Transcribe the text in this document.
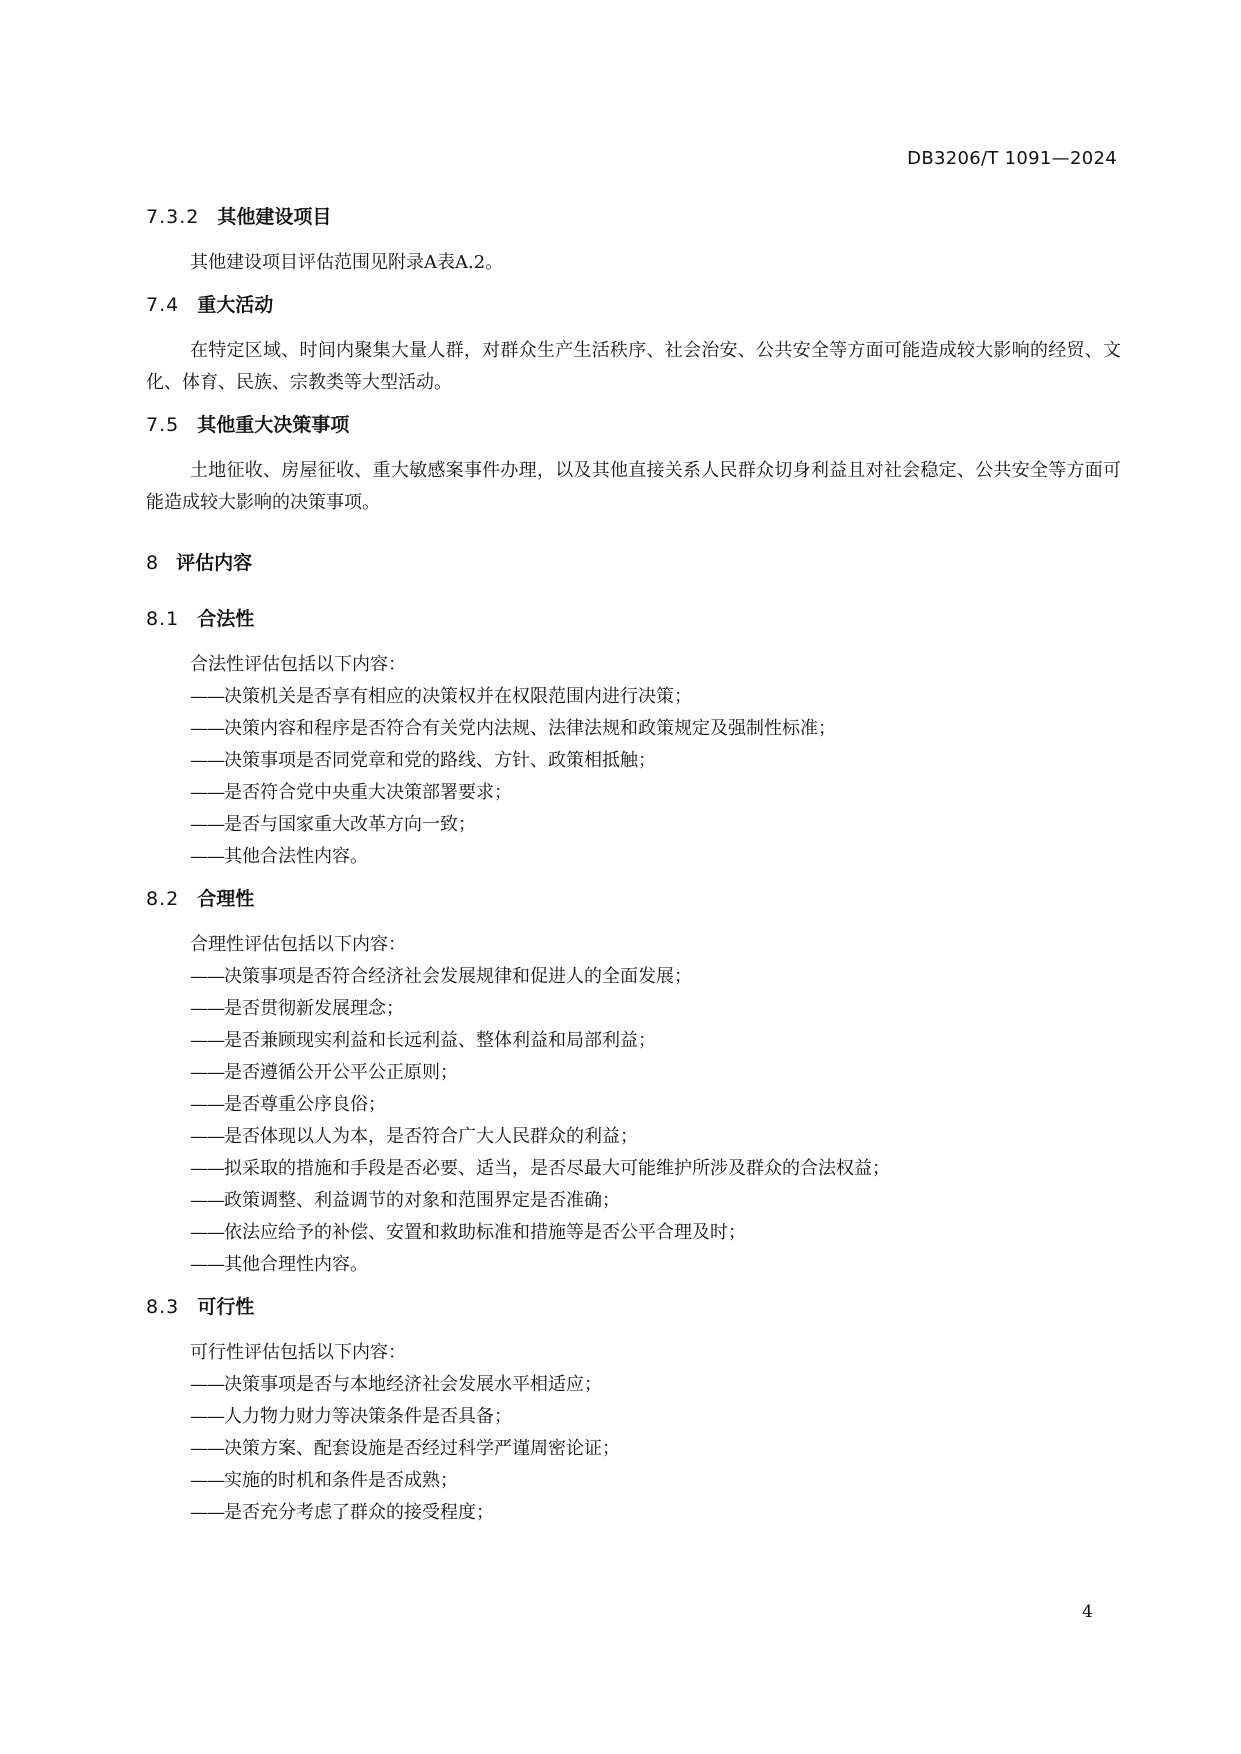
DB3206/T 1091—2024
7.3.2 其他建设项目

其他建设项目评估范围见附录A表A.2。

7.4 重大活动

在特定区域、时间内聚集大量人群，对群众生产生活秩序、社会治安、公共安全等方面可能造成较大影响的经贸、文化、体育、民族、宗教类等大型活动。

7.5 其他重大决策事项

土地征收、房屋征收、重大敏感案事件办理，以及其他直接关系人民群众切身利益且对社会稳定、公共安全等方面可能造成较大影响的决策事项。

8 评估内容
8.1 合法性
合法性评估包括以下内容：
——决策机关是否享有相应的决策权并在权限范围内进行决策；
——决策内容和程序是否符合有关党内法规、法律法规和政策规定及强制性标准；
——决策事项是否同党章和党的路线、方针、政策相抵触；
——是否符合党中央重大决策部署要求；
——是否与国家重大改革方向一致；
——其他合法性内容。
8.2 合理性
合理性评估包括以下内容：
——决策事项是否符合经济社会发展规律和促进人的全面发展；
——是否贯彻新发展理念；
——是否兼顾现实利益和长远利益、整体利益和局部利益；
——是否遵循公开公平公正原则；
——是否尊重公序良俗；
——是否体现以人为本，是否符合广大人民群众的利益；
——拟采取的措施和手段是否必要、适当，是否尽最大可能维护所涉及群众的合法权益；
——政策调整、利益调节的对象和范围界定是否准确；
——依法应给予的补偿、安置和救助标准和措施等是否公平合理及时；
——其他合理性内容。
8.3 可行性
可行性评估包括以下内容：
——决策事项是否与本地经济社会发展水平相适应；
——人力物力财力等决策条件是否具备；
——决策方案、配套设施是否经过科学严谨周密论证；
——实施的时机和条件是否成熟；
——是否充分考虑了群众的接受程度；
4
